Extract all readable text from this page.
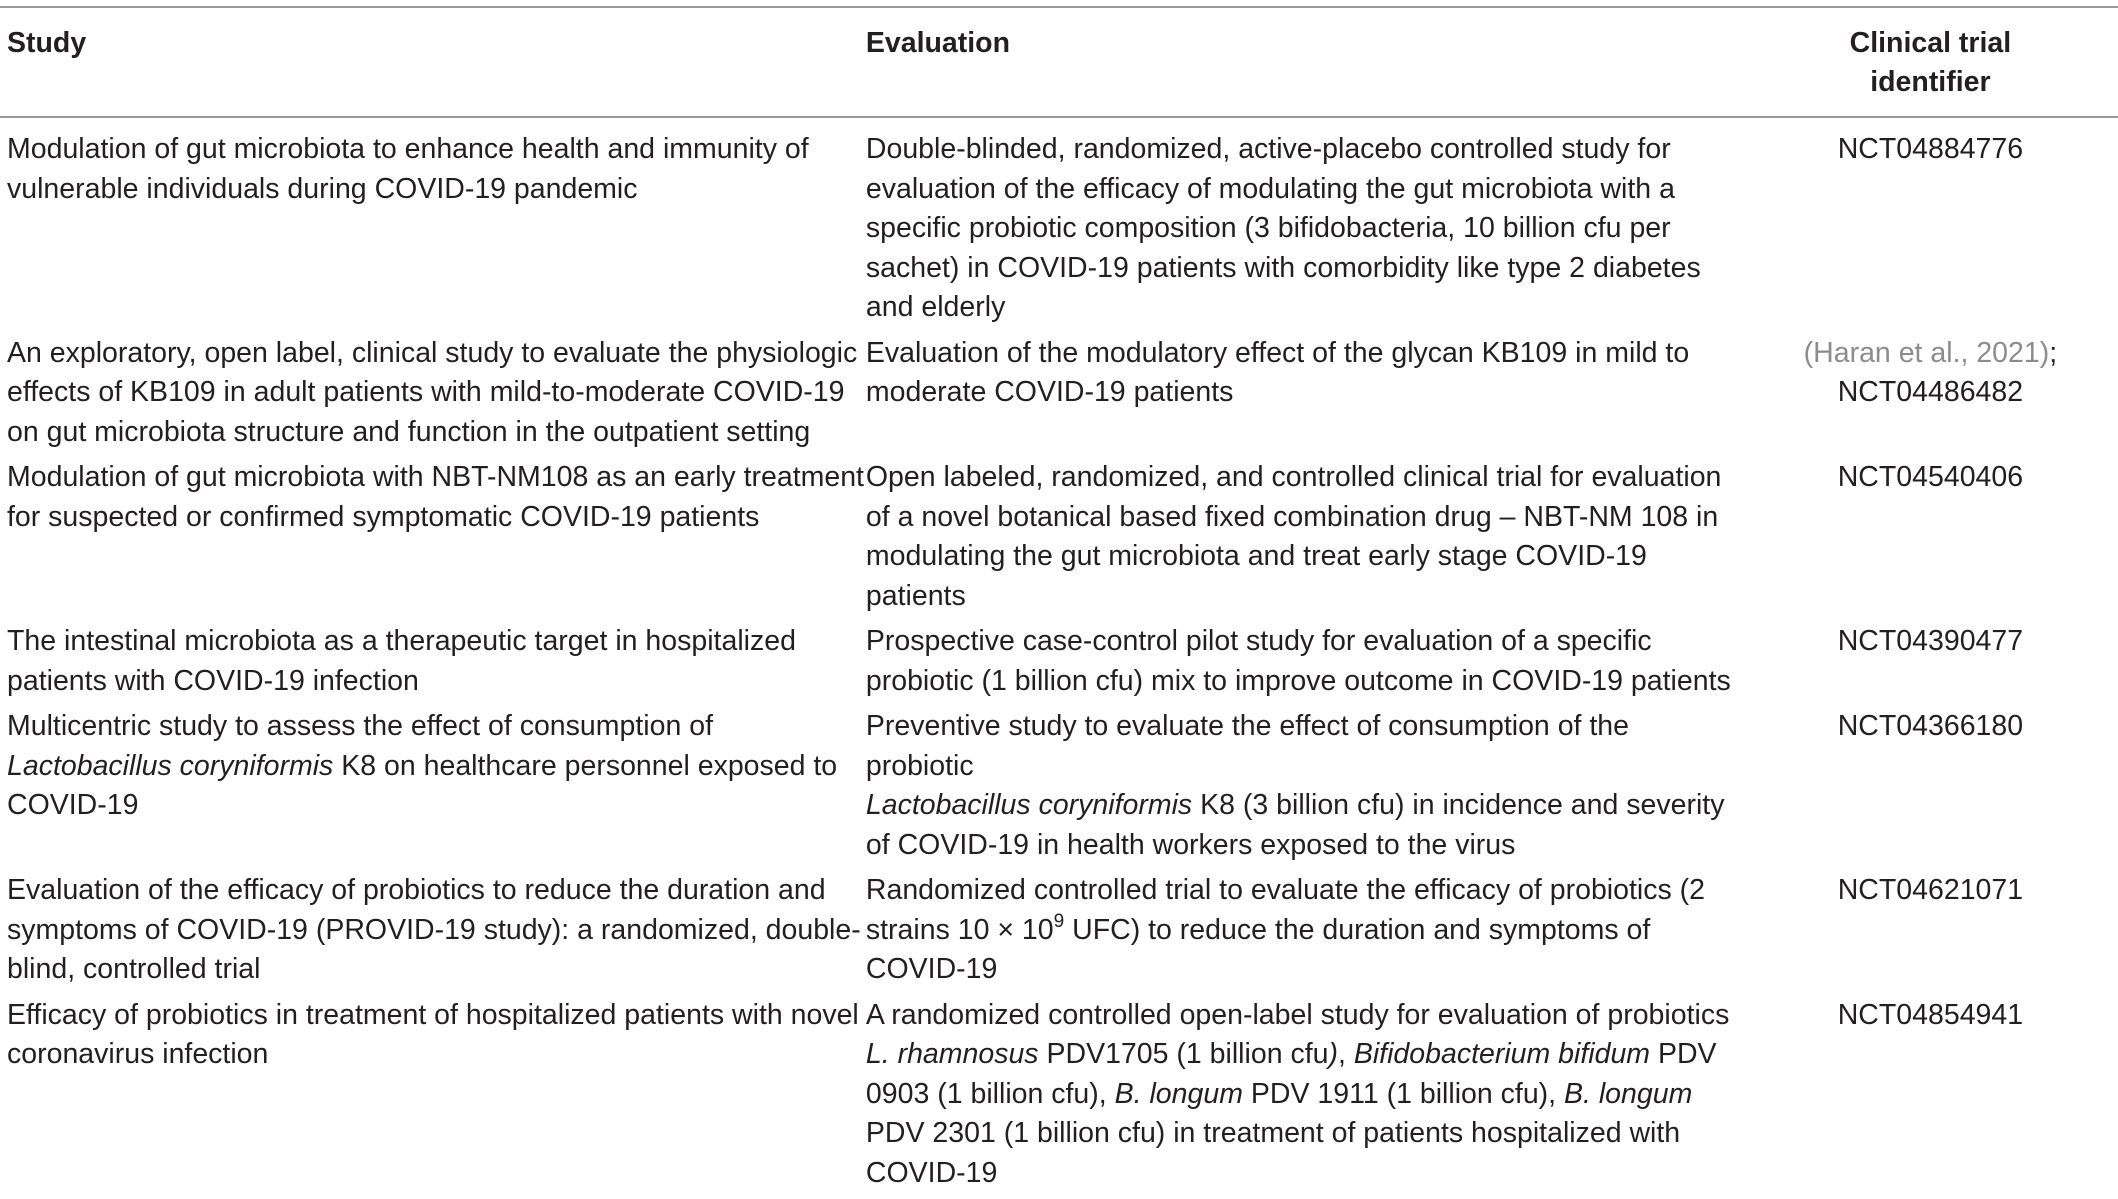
Study	Evaluation	Clinical trial
identifier
Modulation of gut microbiota to enhance health and immunity of vulnerable individuals during COVID-19 pandemic	Double-blinded, randomized, active-placebo controlled study for evaluation of the efficacy of modulating the gut microbiota with a specific probiotic composition (3 bifidobacteria, 10 billion cfu per sachet) in COVID-19 patients with comorbidity like type 2 diabetes and elderly	NCT04884776
An exploratory, open label, clinical study to evaluate the physiologic effects of KB109 in adult patients with mild-to-moderate COVID-19 on gut microbiota structure and function in the outpatient setting	Evaluation of the modulatory effect of the glycan KB109 in mild to moderate COVID-19 patients	(Haran et al., 2021);
NCT04486482
Modulation of gut microbiota with NBT-NM108 as an early treatment for suspected or confirmed symptomatic COVID-19 patients	Open labeled, randomized, and controlled clinical trial for evaluation of a novel botanical based fixed combination drug – NBT-NM 108 in modulating the gut microbiota and treat early stage COVID-19 patients	NCT04540406
The intestinal microbiota as a therapeutic target in hospitalized patients with COVID-19 infection	Prospective case-control pilot study for evaluation of a specific probiotic (1 billion cfu) mix to improve outcome in COVID-19 patients	NCT04390477
Multicentric study to assess the effect of consumption of
Lactobacillus coryniformis K8 on healthcare personnel exposed to COVID-19	Preventive study to evaluate the effect of consumption of the probiotic
Lactobacillus coryniformis K8 (3 billion cfu) in incidence and severity of COVID-19 in health workers exposed to the virus	NCT04366180
Evaluation of the efficacy of probiotics to reduce the duration and symptoms of COVID-19 (PROVID-19 study): a randomized, double-blind, controlled trial	Randomized controlled trial to evaluate the efficacy of probiotics (2 strains $10 \times 10^9$ UFC) to reduce the duration and symptoms of COVID-19	NCT04621071
Efficacy of probiotics in treatment of hospitalized patients with novel coronavirus infection	A randomized controlled open-label study for evaluation of probiotics
L. rhamnosus PDV1705 (1 billion cfu), Bifidobacterium bifidum PDV 0903 (1 billion cfu), B. longum PDV 1911 (1 billion cfu), B. longum PDV 2301 (1 billion cfu) in treatment of patients hospitalized with COVID-19	NCT04854941
